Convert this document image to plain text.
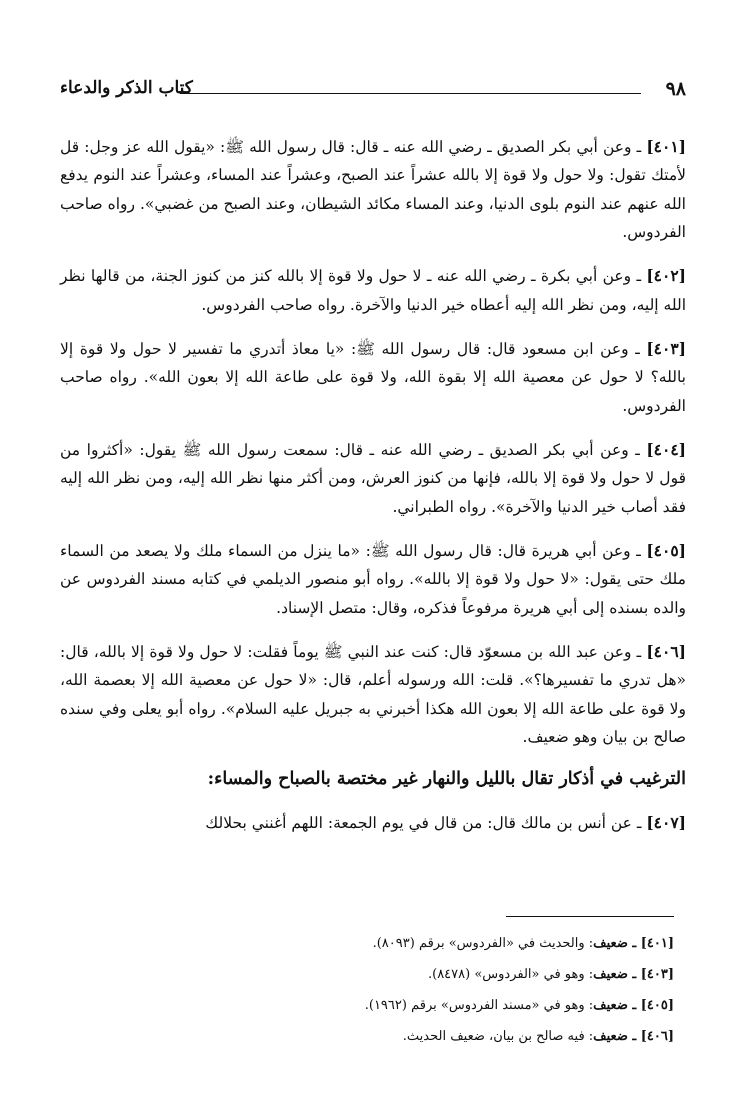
٩٨
كتاب الذكر والدعاء

[٤٠١] ـ وعن أبي بكر الصديق ـ رضي الله عنه ـ قال: قال رسول الله ﷺ: «يقول الله عز وجل: قل لأمتك تقول: ولا حول ولا قوة إلا بالله عشراً عند الصبح، وعشراً عند المساء، وعشراً عند النوم يدفع الله عنهم عند النوم بلوى الدنيا، وعند المساء مكائد الشيطان، وعند الصبح من غضبي». رواه صاحب الفردوس.

[٤٠٢] ـ وعن أبي بكرة ـ رضي الله عنه ـ لا حول ولا قوة إلا بالله كنز من كنوز الجنة، من قالها نظر الله إليه، ومن نظر الله إليه أعطاه خير الدنيا والآخرة. رواه صاحب الفردوس.

[٤٠٣] ـ وعن ابن مسعود قال: قال رسول الله ﷺ: «يا معاذ أتدري ما تفسير لا حول ولا قوة إلا بالله؟ لا حول عن معصية الله إلا بقوة الله، ولا قوة على طاعة الله إلا بعون الله». رواه صاحب الفردوس.

[٤٠٤] ـ وعن أبي بكر الصديق ـ رضي الله عنه ـ قال: سمعت رسول الله ﷺ يقول: «أكثروا من قول لا حول ولا قوة إلا بالله، فإنها من كنوز العرش، ومن أكثر منها نظر الله إليه، ومن نظر الله إليه فقد أصاب خير الدنيا والآخرة». رواه الطبراني.

[٤٠٥] ـ وعن أبي هريرة قال: قال رسول الله ﷺ: «ما ينزل من السماء ملك ولا يصعد من السماء ملك حتى يقول: «لا حول ولا قوة إلا بالله». رواه أبو منصور الديلمي في كتابه مسند الفردوس عن والده بسنده إلى أبي هريرة مرفوعاً فذكره، وقال: متصل الإسناد.

[٤٠٦] ـ وعن عبد الله بن مسعوّد قال: كنت عند النبي ﷺ يوماً فقلت: لا حول ولا قوة إلا بالله، قال: «هل تدري ما تفسيرها؟». قلت: الله ورسوله أعلم، قال: «لا حول عن معصية الله إلا بعصمة الله، ولا قوة على طاعة الله إلا بعون الله هكذا أخبرني به جبريل عليه السلام». رواه أبو يعلى وفي سنده صالح بن بيان وهو ضعيف.

الترغيب في أذكار تقال بالليل والنهار غير مختصة بالصباح والمساء:

[٤٠٧] ـ عن أنس بن مالك قال: من قال في يوم الجمعة: اللهم أغنني بحلالك

[٤٠١] ـ ضعيف: والحديث في «الفردوس» برقم (٨٠٩٣).
[٤٠٣] ـ ضعيف: وهو في «الفردوس» (٨٤٧٨).
[٤٠٥] ـ ضعيف: وهو في «مسند الفردوس» برقم (١٩٦٢).
[٤٠٦] ـ ضعيف: فيه صالح بن بيان، ضعيف الحديث.
